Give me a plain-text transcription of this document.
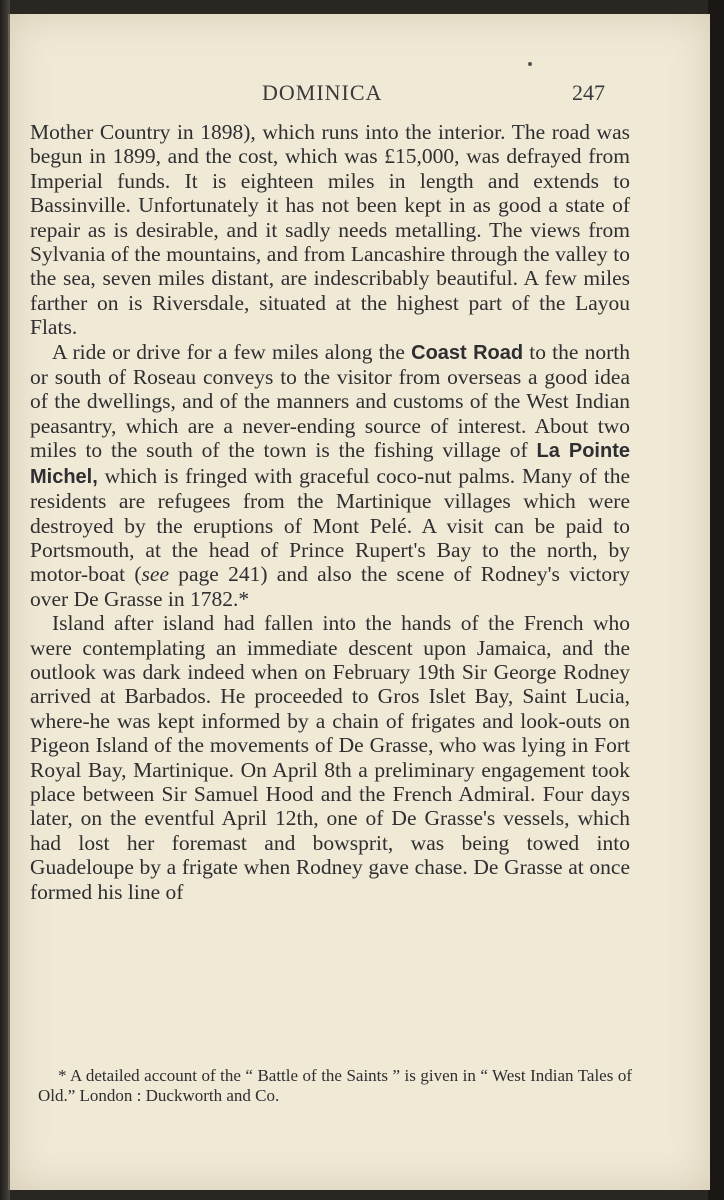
DOMINICA	247

Mother Country in 1898), which runs into the interior. The road was begun in 1899, and the cost, which was £15,000, was defrayed from Imperial funds. It is eighteen miles in length and extends to Bassinville. Unfortunately it has not been kept in as good a state of repair as is desirable, and it sadly needs metalling. The views from Sylvania of the mountains, and from Lancashire through the valley to the sea, seven miles distant, are indescribably beautiful. A few miles farther on is Riversdale, situated at the highest part of the Layou Flats.

A ride or drive for a few miles along the Coast Road to the north or south of Roseau conveys to the visitor from overseas a good idea of the dwellings, and of the manners and customs of the West Indian peasantry, which are a never-ending source of interest. About two miles to the south of the town is the fishing village of La Pointe Michel, which is fringed with graceful coco-nut palms. Many of the residents are refugees from the Martinique villages which were destroyed by the eruptions of Mont Pelé. A visit can be paid to Portsmouth, at the head of Prince Rupert's Bay to the north, by motor-boat (see page 241) and also the scene of Rodney's victory over De Grasse in 1782.*

Island after island had fallen into the hands of the French who were contemplating an immediate descent upon Jamaica, and the outlook was dark indeed when on February 19th Sir George Rodney arrived at Barbados. He proceeded to Gros Islet Bay, Saint Lucia, where-he was kept informed by a chain of frigates and look-outs on Pigeon Island of the movements of De Grasse, who was lying in Fort Royal Bay, Martinique. On April 8th a preliminary engagement took place between Sir Samuel Hood and the French Admiral. Four days later, on the eventful April 12th, one of De Grasse's vessels, which had lost her foremast and bowsprit, was being towed into Guadeloupe by a frigate when Rodney gave chase. De Grasse at once formed his line of

* A detailed account of the “ Battle of the Saints ” is given in “ West Indian Tales of Old.” London : Duckworth and Co.
